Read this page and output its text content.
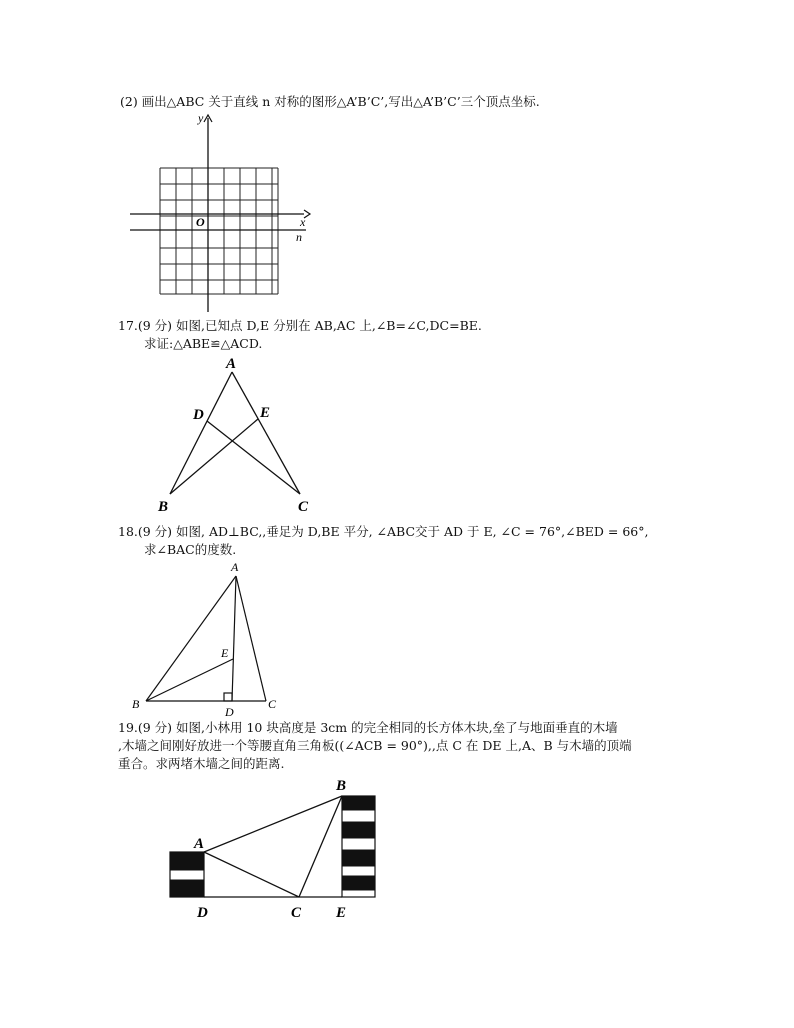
(2) 画出△ABC 关于直线 n 对称的图形△A’B’C’,写出△A’B’C’三个顶点坐标.
y
x
O
n
17.(9 分) 如图,已知点 D,E 分别在 AB,AC 上,∠B=∠C,DC=BE.
求证:△ABE≌△ACD.
A
D	E
B	C
18.(9 分) 如图, AD⊥BC,,垂足为 D,BE 平分, ∠ABC交于 AD 于 E, ∠C = 76°,∠BED = 66°,
求∠BAC的度数.
A
E
B
D
C
19.(9 分) 如图,小林用 10 块高度是 3cm 的完全相同的长方体木块,垒了与地面垂直的木墙
,木墙之间刚好放进一个等腰直角三角板((∠ACB = 90°),,点 C 在 DE 上,A、B 与木墙的顶端
重合。求两堵木墙之间的距离.
A
B
D	C E
